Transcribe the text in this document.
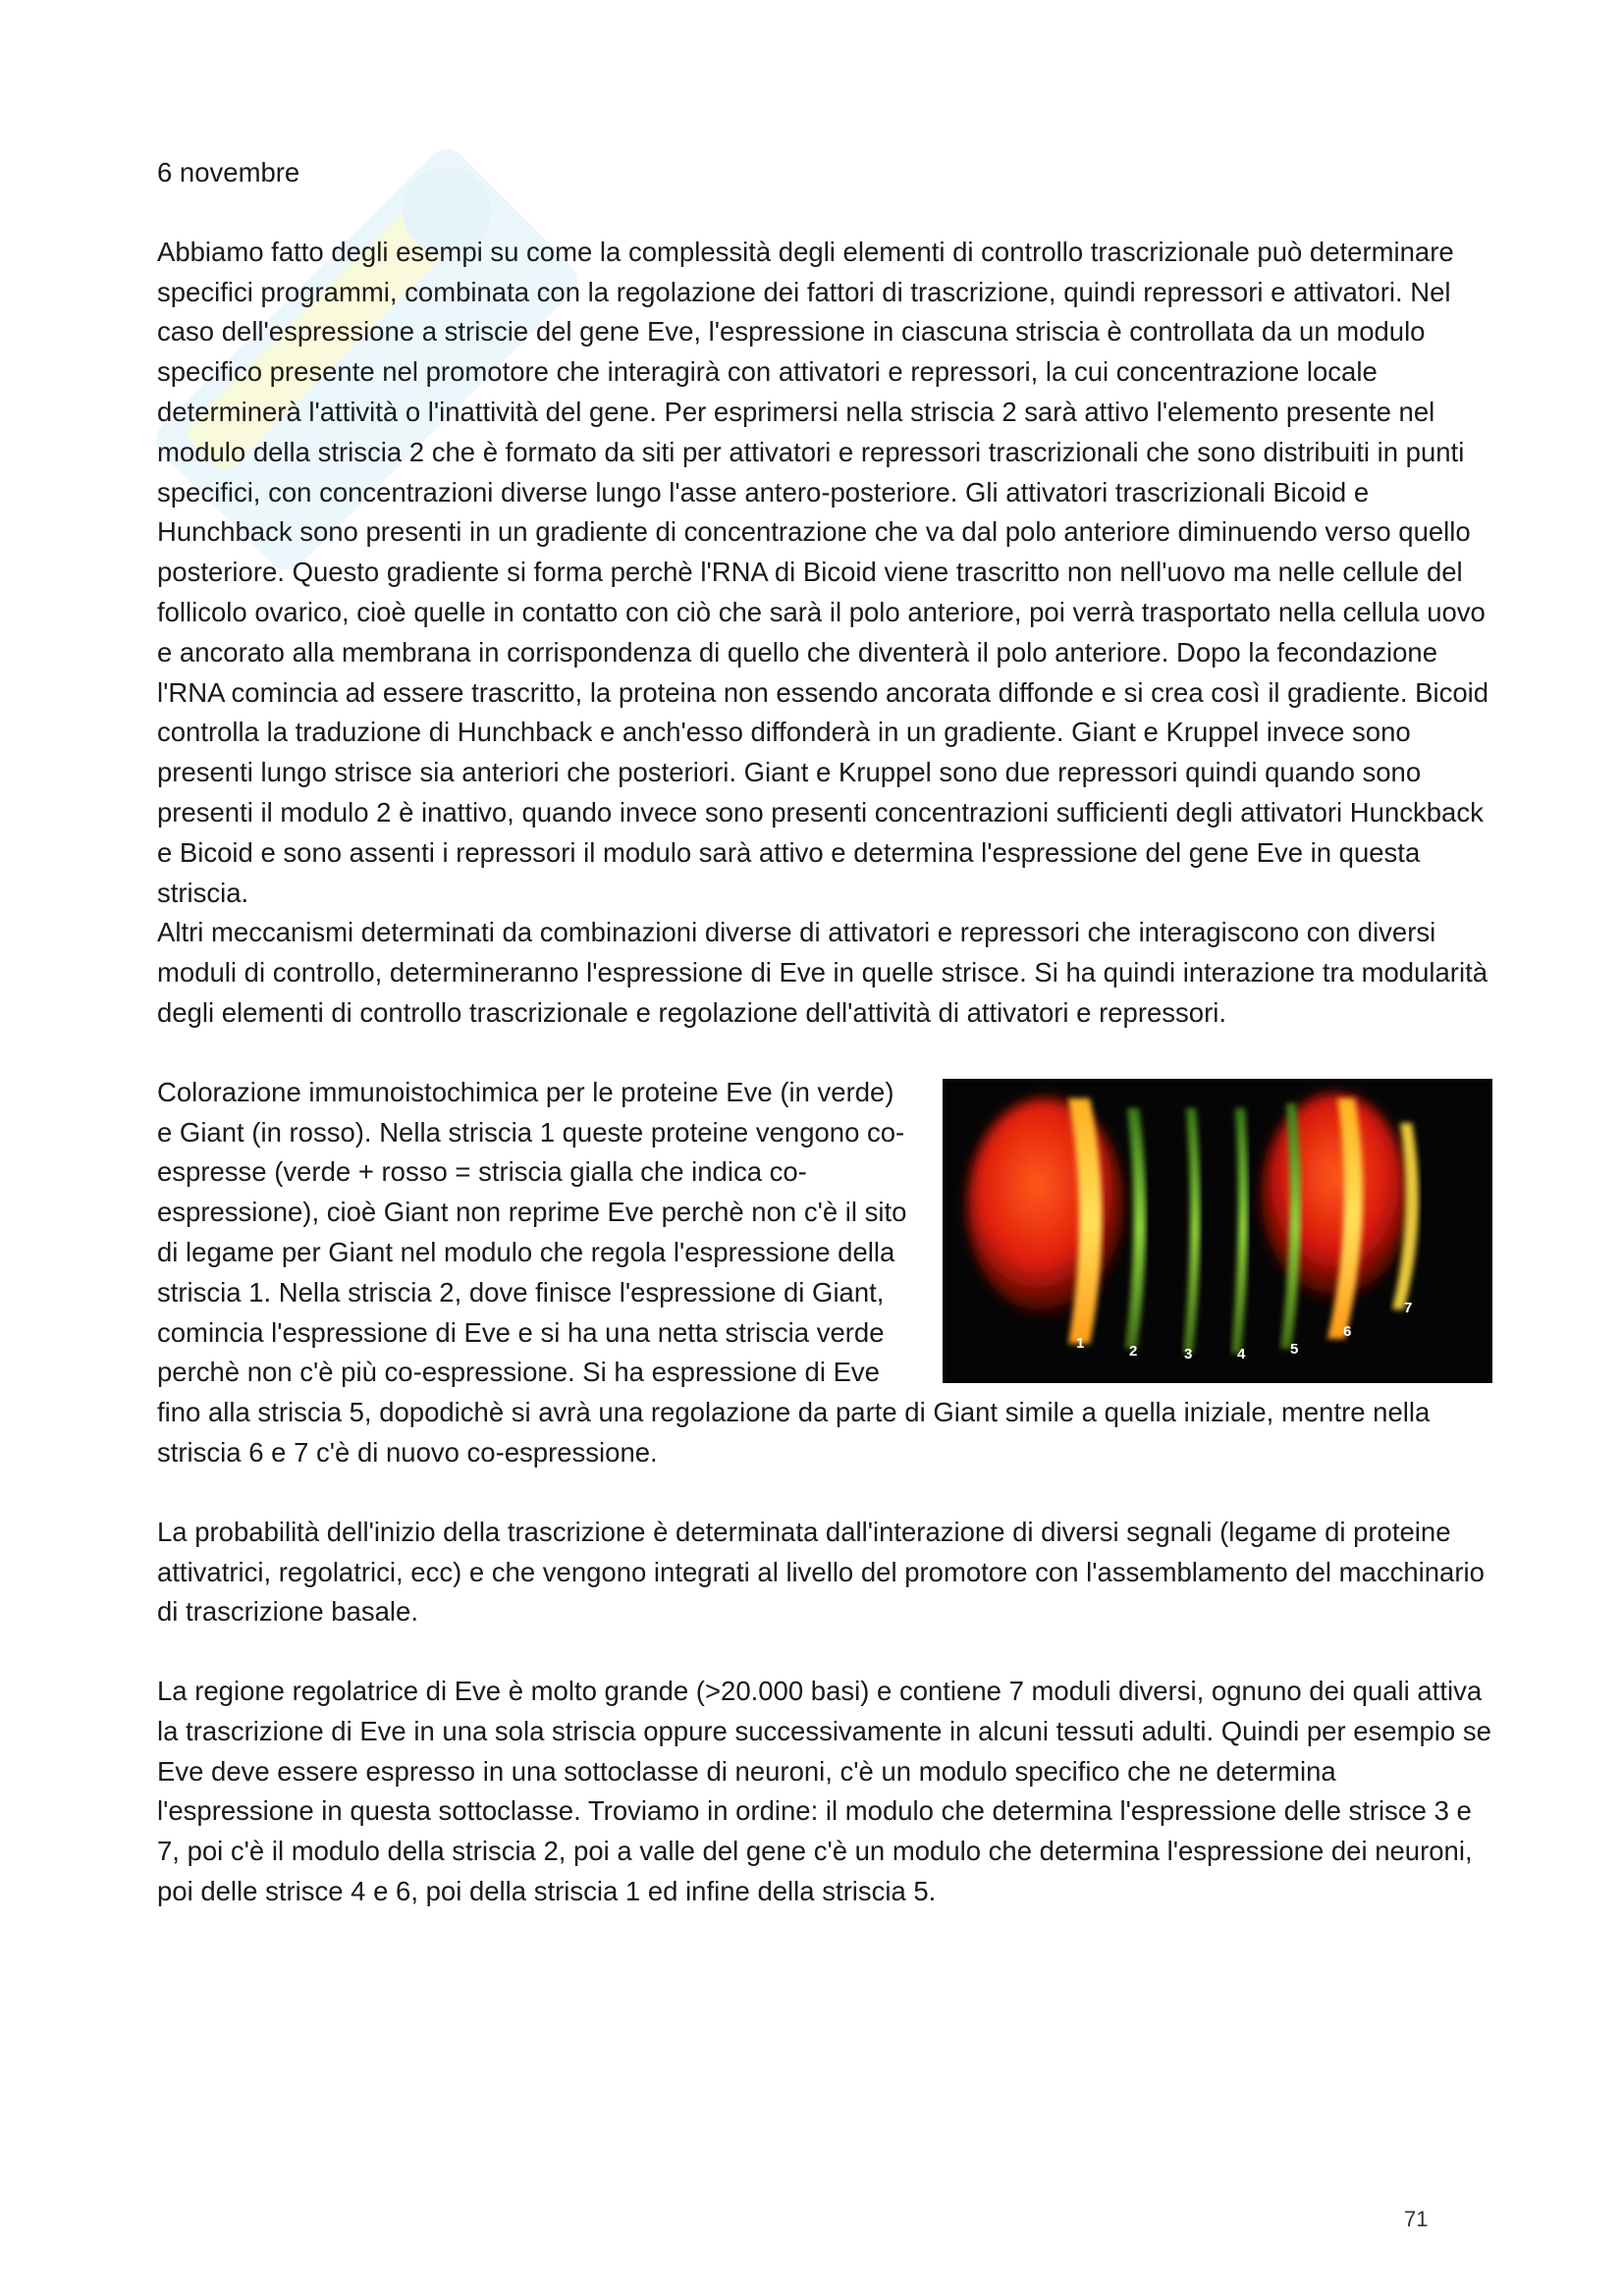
6 novembre

Abbiamo fatto degli esempi su come la complessità degli elementi di controllo trascrizionale può determinare specifici programmi, combinata con la regolazione dei fattori di trascrizione, quindi repressori e attivatori. Nel caso dell'espressione a striscie del gene Eve, l'espressione in ciascuna striscia è controllata da un modulo specifico presente nel promotore che interagirà con attivatori e repressori, la cui concentrazione locale determinerà l'attività o l'inattività del gene. Per esprimersi nella striscia 2 sarà attivo l'elemento presente nel modulo della striscia 2 che è formato da siti per attivatori e repressori trascrizionali che sono distribuiti in punti specifici, con concentrazioni diverse lungo l'asse antero-posteriore. Gli attivatori trascrizionali Bicoid e Hunchback sono presenti in un gradiente di concentrazione che va dal polo anteriore diminuendo verso quello posteriore. Questo gradiente si forma perchè l'RNA di Bicoid viene trascritto non nell'uovo ma nelle cellule del follicolo ovarico, cioè quelle in contatto con ciò che sarà il polo anteriore, poi verrà trasportato nella cellula uovo e ancorato alla membrana in corrispondenza di quello che diventerà il polo anteriore. Dopo la fecondazione l'RNA comincia ad essere trascritto, la proteina non essendo ancorata diffonde e si crea così il gradiente. Bicoid controlla la traduzione di Hunchback e anch'esso diffonderà in un gradiente. Giant e Kruppel invece sono presenti lungo strisce sia anteriori che posteriori. Giant e Kruppel sono due repressori quindi quando sono presenti il modulo 2 è inattivo, quando invece sono presenti concentrazioni sufficienti degli attivatori Hunckback e Bicoid e sono assenti i repressori il modulo sarà attivo e determina l'espressione del gene Eve in questa striscia.

Altri meccanismi determinati da combinazioni diverse di attivatori e repressori che interagiscono con diversi moduli di controllo, determineranno l'espressione di Eve in quelle strisce. Si ha quindi interazione tra modularità degli elementi di controllo trascrizionale e regolazione dell'attività di attivatori e repressori.

1	2	3	4	5
6
7

Colorazione immunoistochimica per le proteine Eve (in verde) e Giant (in rosso). Nella striscia 1 queste proteine vengono co-espresse (verde + rosso = striscia gialla che indica co-espressione), cioè Giant non reprime Eve perchè non c'è il sito di legame per Giant nel modulo che regola l'espressione della striscia 1. Nella striscia 2, dove finisce l'espressione di Giant, comincia l'espressione di Eve e si ha una netta striscia verde perchè non c'è più co-espressione. Si ha espressione di Eve fino alla striscia 5, dopodichè si avrà una regolazione da parte di Giant simile a quella iniziale, mentre nella striscia 6 e 7 c'è di nuovo co-espressione.

La probabilità dell'inizio della trascrizione è determinata dall'interazione di diversi segnali (legame di proteine attivatrici, regolatrici, ecc) e che vengono integrati al livello del promotore con l'assemblamento del macchinario di trascrizione basale.

La regione regolatrice di Eve è molto grande (>20.000 basi) e contiene 7 moduli diversi, ognuno dei quali attiva la trascrizione di Eve in una sola striscia oppure successivamente in alcuni tessuti adulti. Quindi per esempio se Eve deve essere espresso in una sottoclasse di neuroni, c'è un modulo specifico che ne determina l'espressione in questa sottoclasse. Troviamo in ordine: il modulo che determina l'espressione delle strisce 3 e 7, poi c'è il modulo della striscia 2, poi a valle del gene c'è un modulo che determina l'espressione dei neuroni, poi delle strisce 4 e 6, poi della striscia 1 ed infine della striscia 5.

71
